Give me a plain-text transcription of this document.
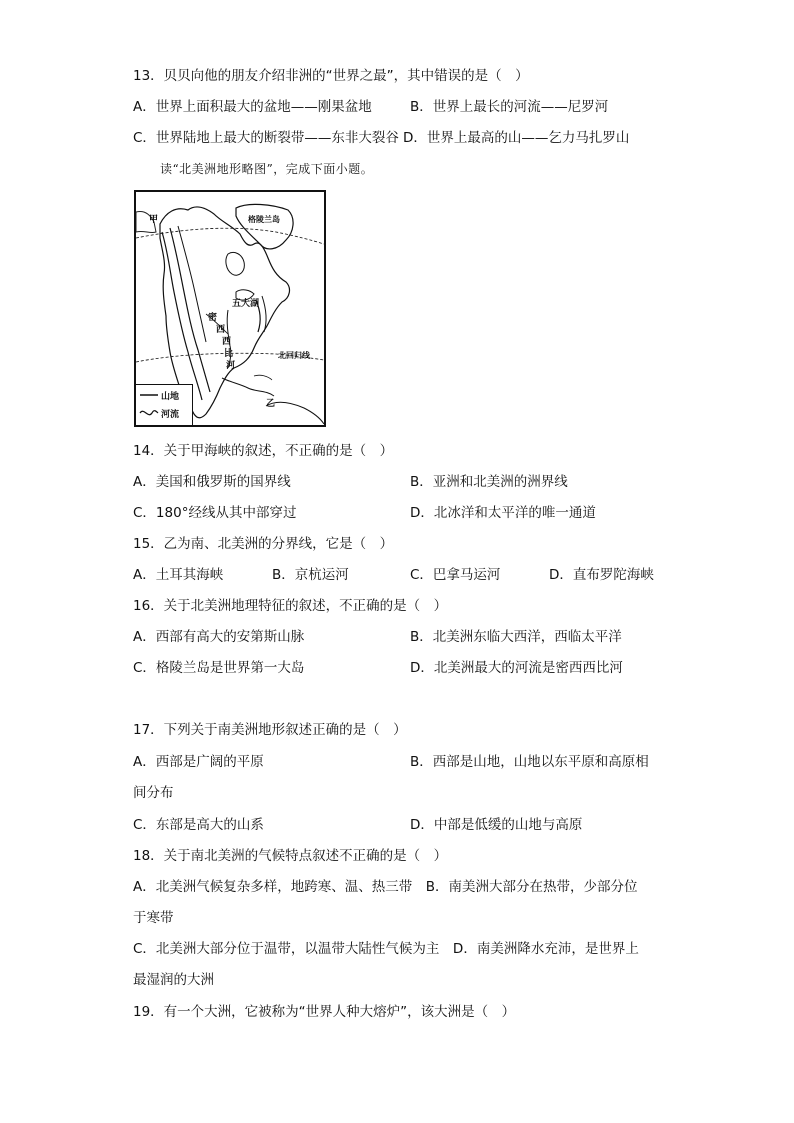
13．贝贝向他的朋友介绍非洲的“世界之最”，其中错误的是（　）
A．世界上面积最大的盆地——刚果盆地	B．世界上最长的河流——尼罗河
C．世界陆地上最大的断裂带——东非大裂谷 D．世界上最高的山——乞力马扎罗山
读“北美洲地形略图”，完成下面小题。
甲	格陵兰岛
五大湖
密
西
西
比
河
北回归线
乙
山地
河流
14．关于甲海峡的叙述，不正确的是（　）
A．美国和俄罗斯的国界线	B．亚洲和北美洲的洲界线
C．180°经线从其中部穿过	D．北冰洋和太平洋的唯一通道
15．乙为南、北美洲的分界线，它是（　）
A．土耳其海峡	B．京杭运河	C．巴拿马运河	D．直布罗陀海峡
16．关于北美洲地理特征的叙述，不正确的是（　）
A．西部有高大的安第斯山脉	B．北美洲东临大西洋，西临太平洋
C．格陵兰岛是世界第一大岛	D．北美洲最大的河流是密西西比河
17．下列关于南美洲地形叙述正确的是（　）
A．西部是广阔的平原	B．西部是山地，山地以东平原和高原相
间分布
C．东部是高大的山系	D．中部是低缓的山地与高原
18．关于南北美洲的气候特点叙述不正确的是（　）
A．北美洲气候复杂多样，地跨寒、温、热三带　B．南美洲大部分在热带，少部分位
于寒带
C．北美洲大部分位于温带，以温带大陆性气候为主　D．南美洲降水充沛，是世界上
最湿润的大洲
19．有一个大洲，它被称为“世界人种大熔炉”，该大洲是（　）
